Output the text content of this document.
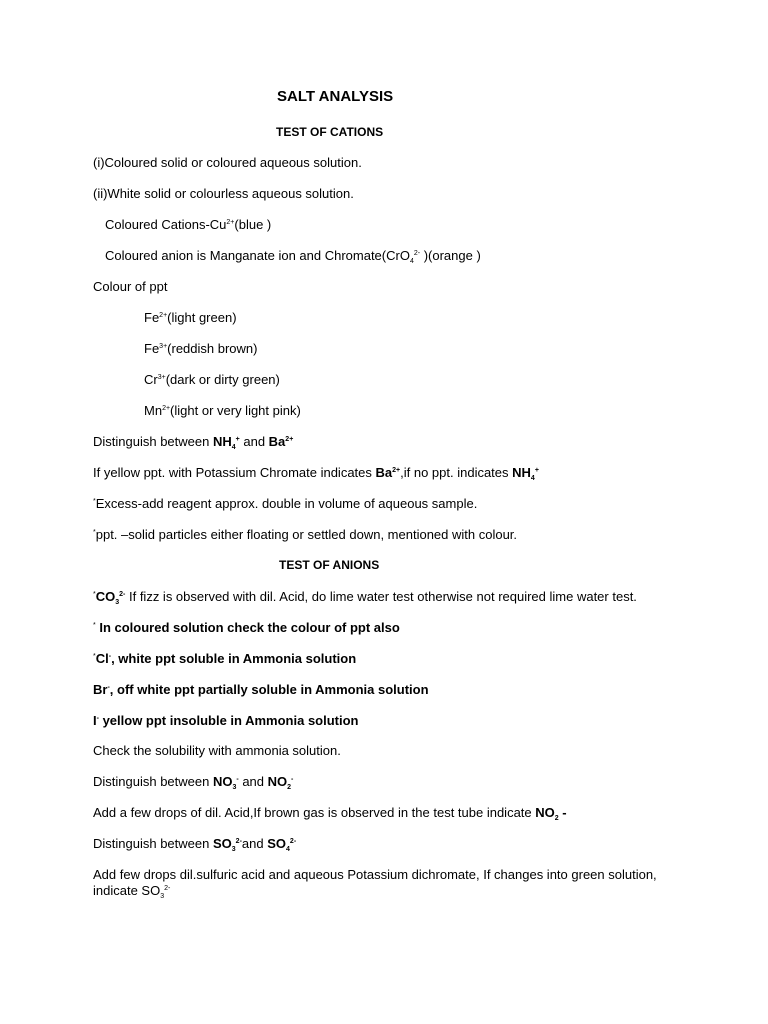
SALT ANALYSIS
TEST OF CATIONS
(i)Coloured solid or coloured aqueous solution.
(ii)White solid or colourless aqueous solution.
Coloured Cations-$Cu^{2+}(blue$ )
Coloured anion is Manganate ion and Chromate(CrO$_4^{2-}$ )(orange )
Colour of ppt
$Fe^{2+}(light$ green)
$Fe^{3+}(reddish$ brown)
$Cr^{3+}(dark$ or dirty green)
$Mn^{2+}(light$ or very light pink)
Distinguish between $NH_4^+$ and $Ba^{2+}$
If yellow ppt. with Potassium Chromate indicates $Ba^{2+},if$ no ppt. indicates $NH_4^+$
*Excess-add reagent approx. double in volume of aqueous sample.
*ppt. –solid particles either floating or settled down, mentioned with colour.
TEST OF ANIONS
$^*CO_3^{2-}$ If fizz is observed with dil. Acid, do lime water test otherwise not required lime water test.
* In coloured solution check the colour of ppt also
*Cl-, white ppt soluble in Ammonia solution
Br-, off white ppt partially soluble in Ammonia solution
I- yellow ppt insoluble in Ammonia solution
Check the solubility with ammonia solution.
Distinguish between $NO_3^-$ and $NO_2^-$
Add a few drops of dil. Acid,If brown gas is observed in the test tube indicate $NO_2$ -
Distinguish between $SO_3^{2-}and$ $SO_4^{2-}$
Add few drops dil.sulfuric acid and aqueous Potassium dichromate, If changes into green solution, indicate $SO_3^{2-}$
